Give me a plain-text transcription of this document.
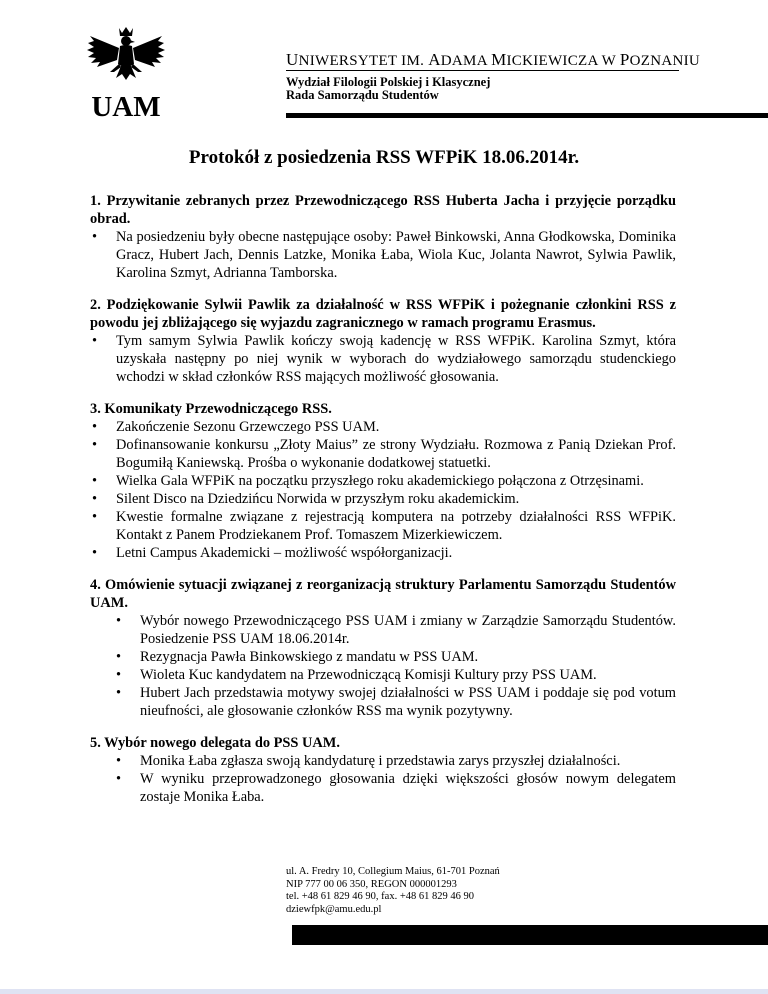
UAM
UNIWERSYTET IM. ADAMA MICKIEWICZA W POZNANIU
Wydział Filologii Polskiej i Klasycznej
Rada Samorządu Studentów
Protokół z posiedzenia RSS WFPiK 18.06.2014r.
1. Przywitanie zebranych przez Przewodniczącego RSS Huberta Jacha i przyjęcie porządku obrad.
• Na posiedzeniu były obecne następujące osoby: Paweł Binkowski, Anna Głodkowska, Dominika Gracz, Hubert Jach, Dennis Latzke, Monika Łaba, Wiola Kuc, Jolanta Nawrot, Sylwia Pawlik, Karolina Szmyt, Adrianna Tamborska.
2. Podziękowanie Sylwii Pawlik za działalność w RSS WFPiK i pożegnanie członkini RSS z powodu jej zbliżającego się wyjazdu zagranicznego w ramach programu Erasmus.
• Tym samym Sylwia Pawlik kończy swoją kadencję w RSS WFPiK. Karolina Szmyt, która uzyskała następny po niej wynik w wyborach do wydziałowego samorządu studenckiego wchodzi w skład członków RSS mających możliwość głosowania.
3. Komunikaty Przewodniczącego RSS.
• Zakończenie Sezonu Grzewczego PSS UAM.
• Dofinansowanie konkursu „Złoty Maius” ze strony Wydziału. Rozmowa z Panią Dziekan Prof. Bogumiłą Kaniewską. Prośba o wykonanie dodatkowej statuetki.
• Wielka Gala WFPiK na początku przyszłego roku akademickiego połączona z Otrzęsinami.
• Silent Disco na Dziedzińcu Norwida w przyszłym roku akademickim.
• Kwestie formalne związane z rejestracją komputera na potrzeby działalności RSS WFPiK. Kontakt z Panem Prodziekanem Prof. Tomaszem Mizerkiewiczem.
• Letni Campus Akademicki – możliwość współorganizacji.
4. Omówienie sytuacji związanej z reorganizacją struktury Parlamentu Samorządu Studentów UAM.
• Wybór nowego Przewodniczącego PSS UAM i zmiany w Zarządzie Samorządu Studentów. Posiedzenie PSS UAM 18.06.2014r.
• Rezygnacja Pawła Binkowskiego z mandatu w PSS UAM.
• Wioleta Kuc kandydatem na Przewodniczącą Komisji Kultury przy PSS UAM.
• Hubert Jach przedstawia motywy swojej działalności w PSS UAM i poddaje się pod votum nieufności, ale głosowanie członków RSS ma wynik pozytywny.
5. Wybór nowego delegata do PSS UAM.
• Monika Łaba zgłasza swoją kandydaturę i przedstawia zarys przyszłej działalności.
• W wyniku przeprowadzonego głosowania dzięki większości głosów nowym delegatem zostaje Monika Łaba.
ul. A. Fredry 10, Collegium Maius, 61-701 Poznań
NIP 777 00 06 350, REGON 000001293
tel. +48 61 829 46 90, fax. +48 61 829 46 90
dziewfpk@amu.edu.pl
